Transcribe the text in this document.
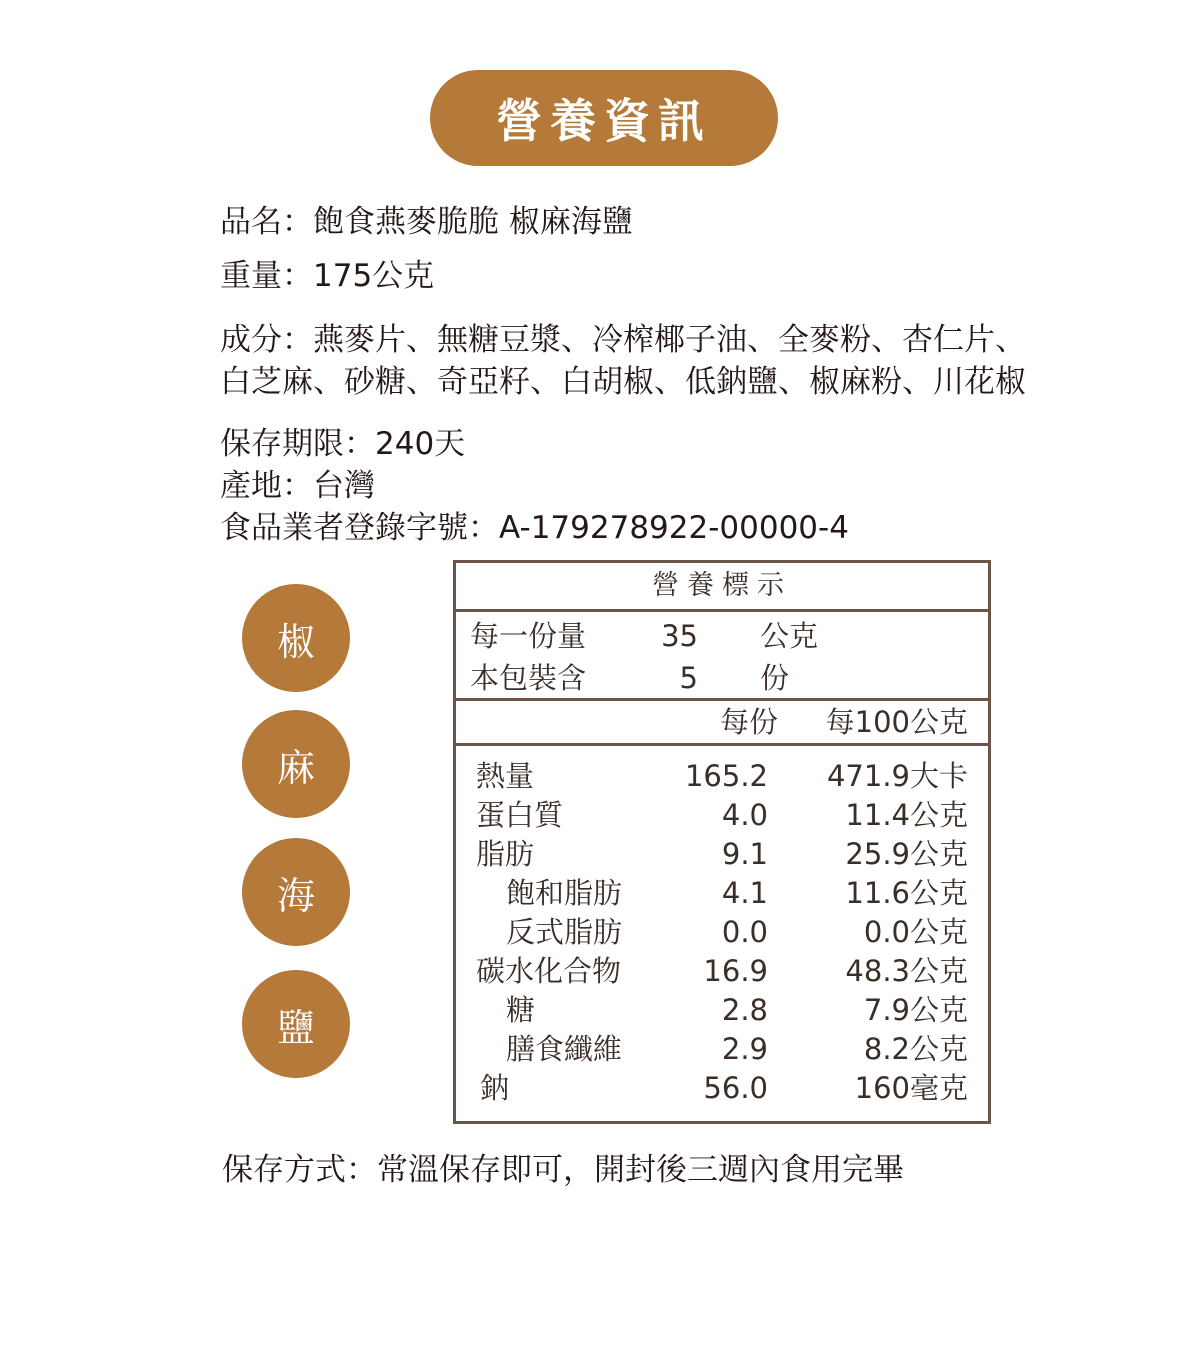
營養資訊
品名：飽食燕麥脆脆 椒麻海鹽
重量：175公克
成分：燕麥片、無糖豆漿、冷榨椰子油、全麥粉、杏仁片、
白芝麻、砂糖、奇亞籽、白胡椒、低鈉鹽、椒麻粉、川花椒
保存期限：240天
產地：台灣
食品業者登錄字號：A-179278922-00000-4
椒
麻
海
鹽
營養標示
每一份量	35 公克
本包裝含	5 份
每份	每100公克
熱量	165.2	471.9大卡
蛋白質	4.0	11.4公克
脂肪	9.1	25.9公克
飽和脂肪	4.1	11.6公克
反式脂肪	0.0	0.0公克
碳水化合物	16.9	48.3公克
糖	2.8	7.9公克
膳食纖維	2.9	8.2公克
鈉	56.0	160毫克
保存方式：常溫保存即可，開封後三週內食用完畢
